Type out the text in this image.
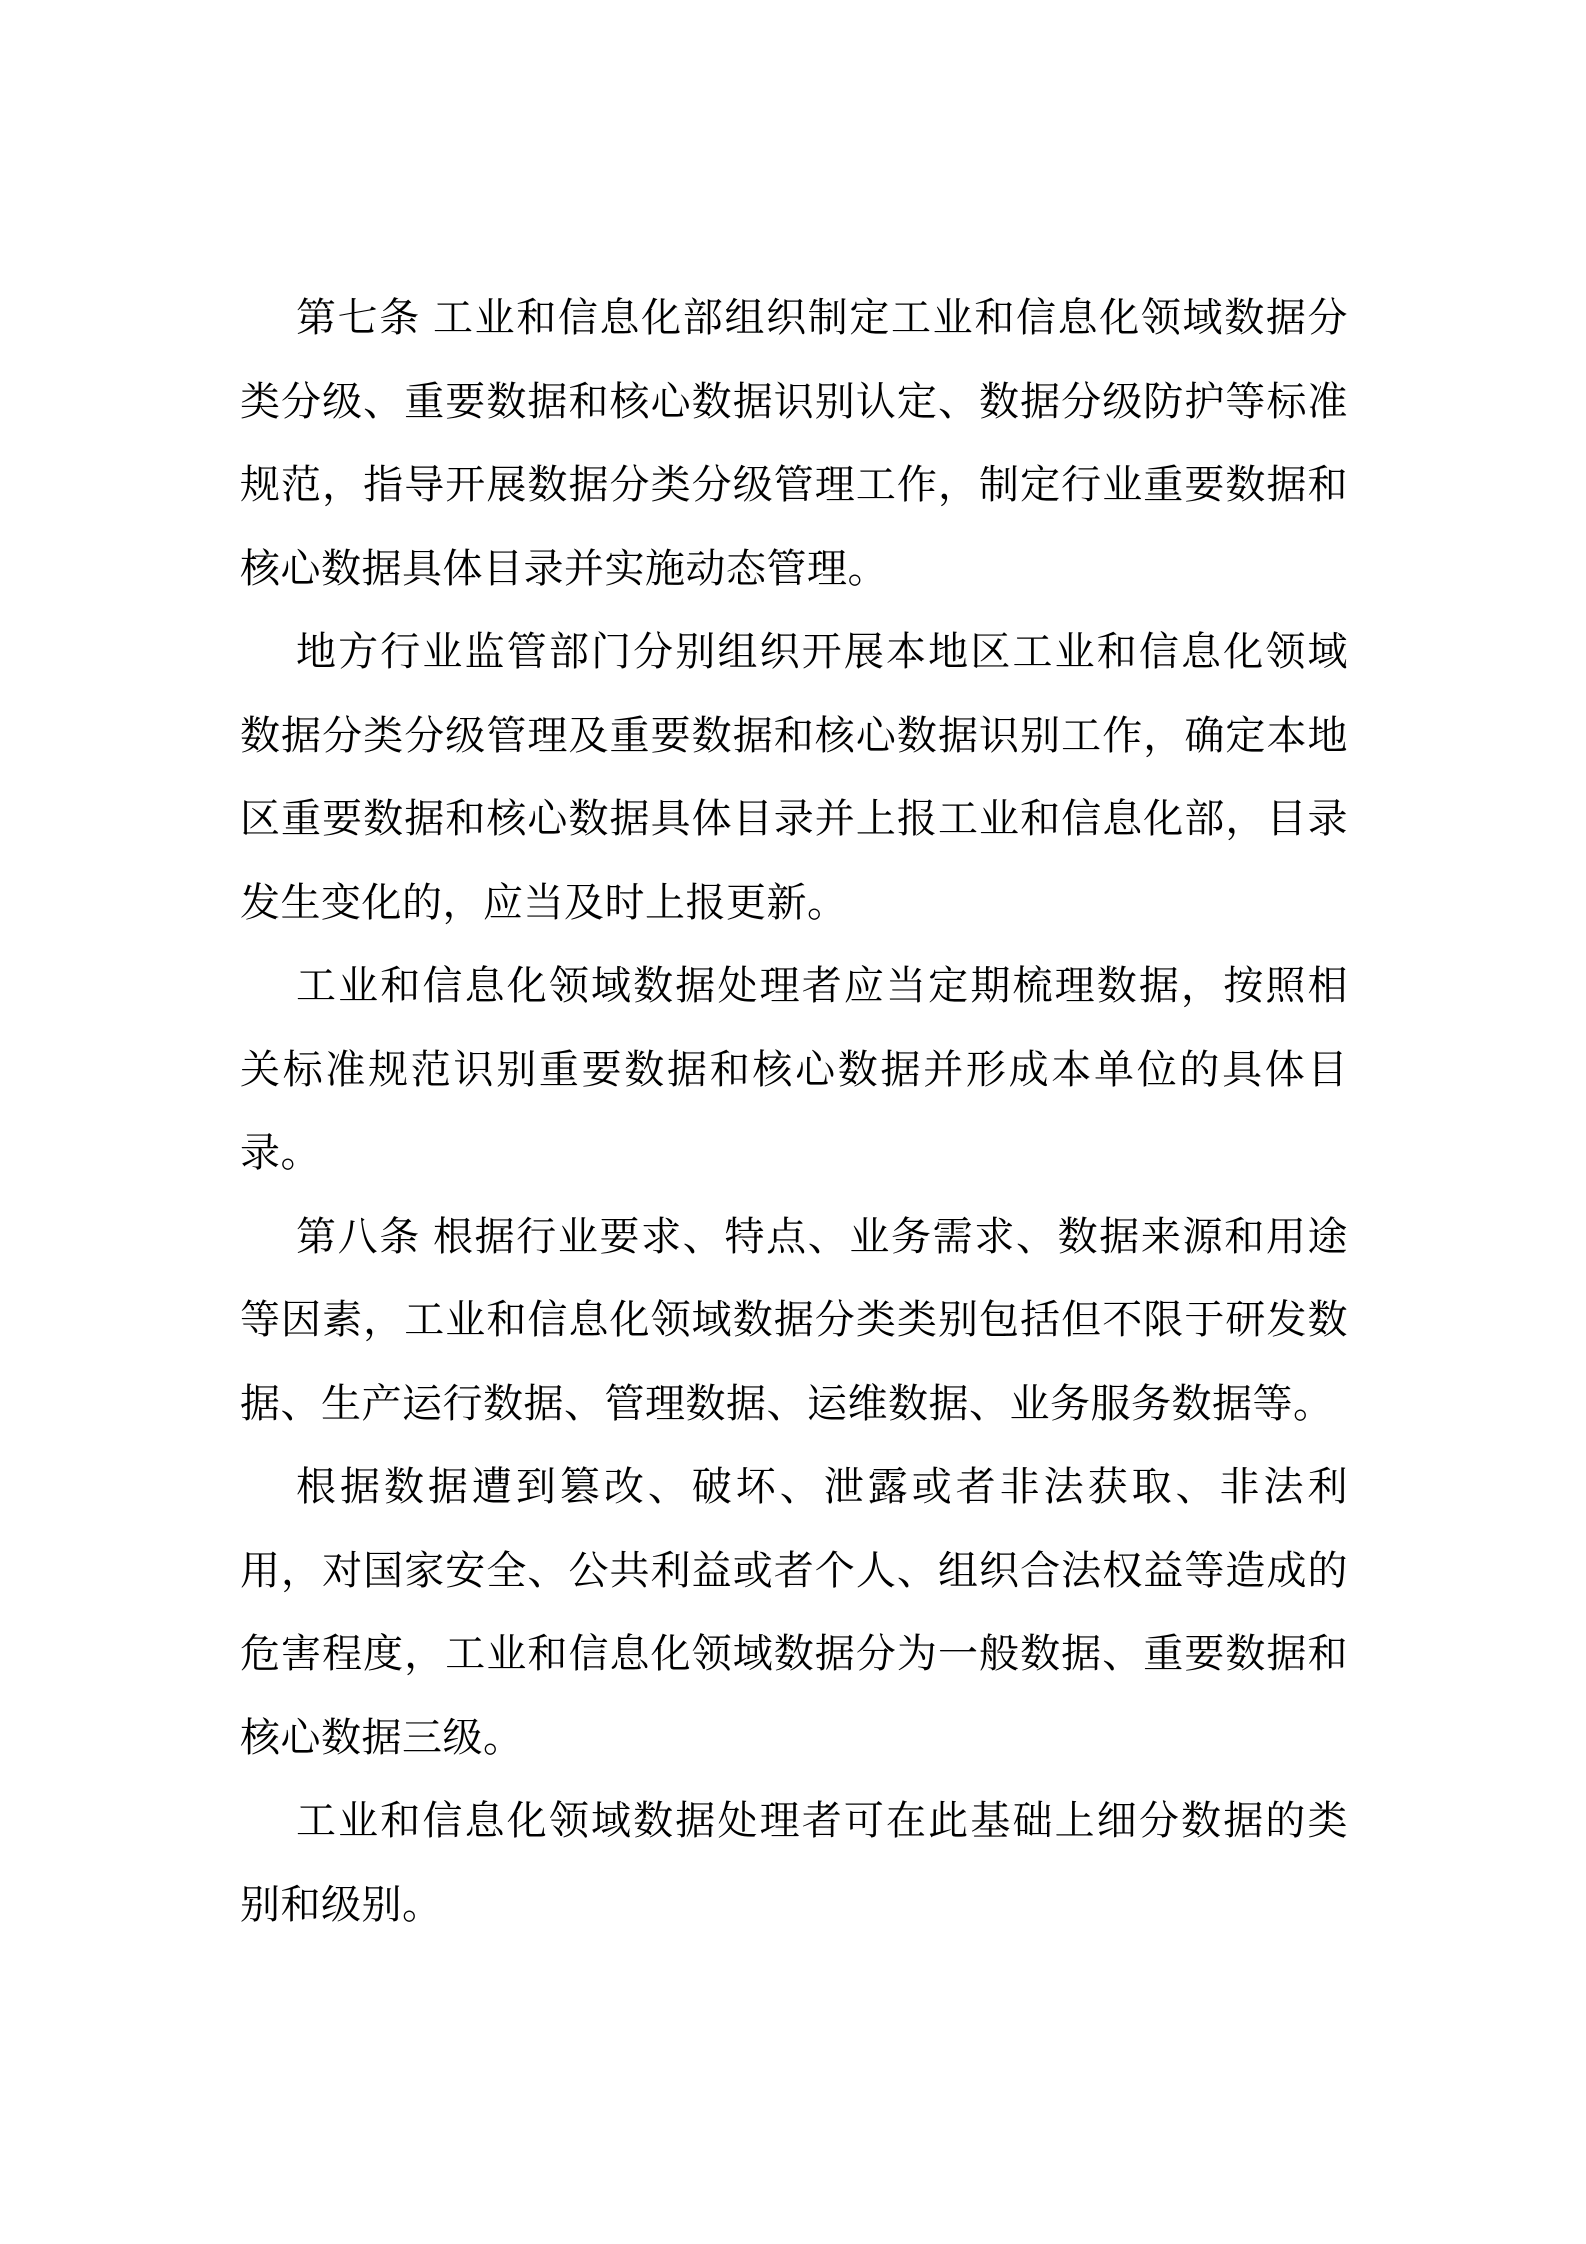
第七条 工业和信息化部组织制定工业和信息化领域数据分类分级、重要数据和核心数据识别认定、数据分级防护等标准规范，指导开展数据分类分级管理工作，制定行业重要数据和核心数据具体目录并实施动态管理。

地方行业监管部门分别组织开展本地区工业和信息化领域数据分类分级管理及重要数据和核心数据识别工作，确定本地区重要数据和核心数据具体目录并上报工业和信息化部，目录发生变化的，应当及时上报更新。

工业和信息化领域数据处理者应当定期梳理数据，按照相关标准规范识别重要数据和核心数据并形成本单位的具体目录。

第八条 根据行业要求、特点、业务需求、数据来源和用途等因素，工业和信息化领域数据分类类别包括但不限于研发数据、生产运行数据、管理数据、运维数据、业务服务数据等。

根据数据遭到篡改、破坏、泄露或者非法获取、非法利用，对国家安全、公共利益或者个人、组织合法权益等造成的危害程度，工业和信息化领域数据分为一般数据、重要数据和核心数据三级。

工业和信息化领域数据处理者可在此基础上细分数据的类别和级别。
